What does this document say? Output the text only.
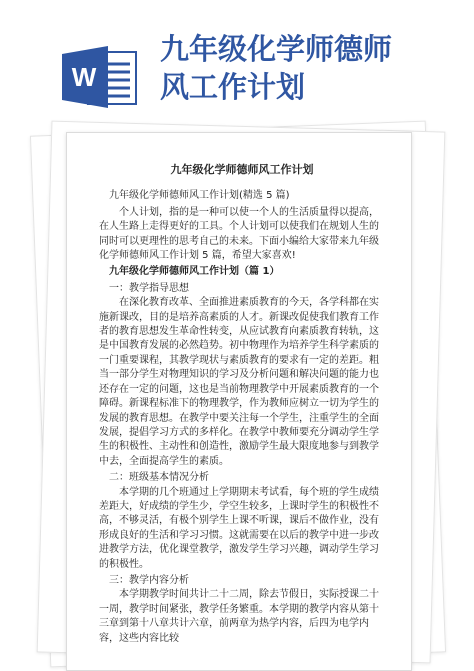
W
九年级化学师德师
风工作计划

九年级化学师德师风工作计划

九年级化学师德师风工作计划(精选 5 篇)

个人计划，指的是一种可以使一个人的生活质量得以提高，在人生路上走得更好的工具。个人计划可以使我们在规划人生的同时可以更理性的思考自己的未来。下面小编给大家带来九年级化学师德师风工作计划 5 篇，希望大家喜欢!

九年级化学师德师风工作计划（篇 1）

一：教学指导思想

在深化教育改革、全面推进素质教育的今天，各学科都在实施新课改，目的是培养高素质的人才。新课改促使我们教育工作者的教育思想发生革命性转变，从应试教育向素质教育转轨，这是中国教育发展的必然趋势。初中物理作为培养学生科学素质的一门重要课程，其教学现状与素质教育的要求有一定的差距。粗当一部分学生对物理知识的学习及分析问题和解决问题的能力也还存在一定的问题，这也是当前物理教学中开展素质教育的一个障碍。新课程标准下的物理教学，作为教师应树立一切为学生的发展的教育思想。在教学中要关注每一个学生，注重学生的全面发展，提倡学习方式的多样化。在教学中教师要充分调动学生学生的积极性、主动性和创造性，激励学生最大限度地参与到教学中去，全面提高学生的素质。

二：班级基本情况分析

本学期的几个班通过上学期期末考试看，每个班的学生成绩差距大，好成绩的学生少，学空生较多，上课时学生的积极性不高，不够灵活，有极个别学生上课不听课，课后不做作业，没有形成良好的生活和学习习惯。这就需要在以后的教学中进一步改进教学方法，优化课堂教学，激发学生学习兴趣，调动学生学习的积极性。

三：教学内容分析

本学期教学时间共计二十二周，除去节假日，实际授课二十一周，教学时间紧张，教学任务繁重。本学期的教学内容从第十三章到第十八章共计六章，前两章为热学内容，后四为电学内容，这些内容比较
